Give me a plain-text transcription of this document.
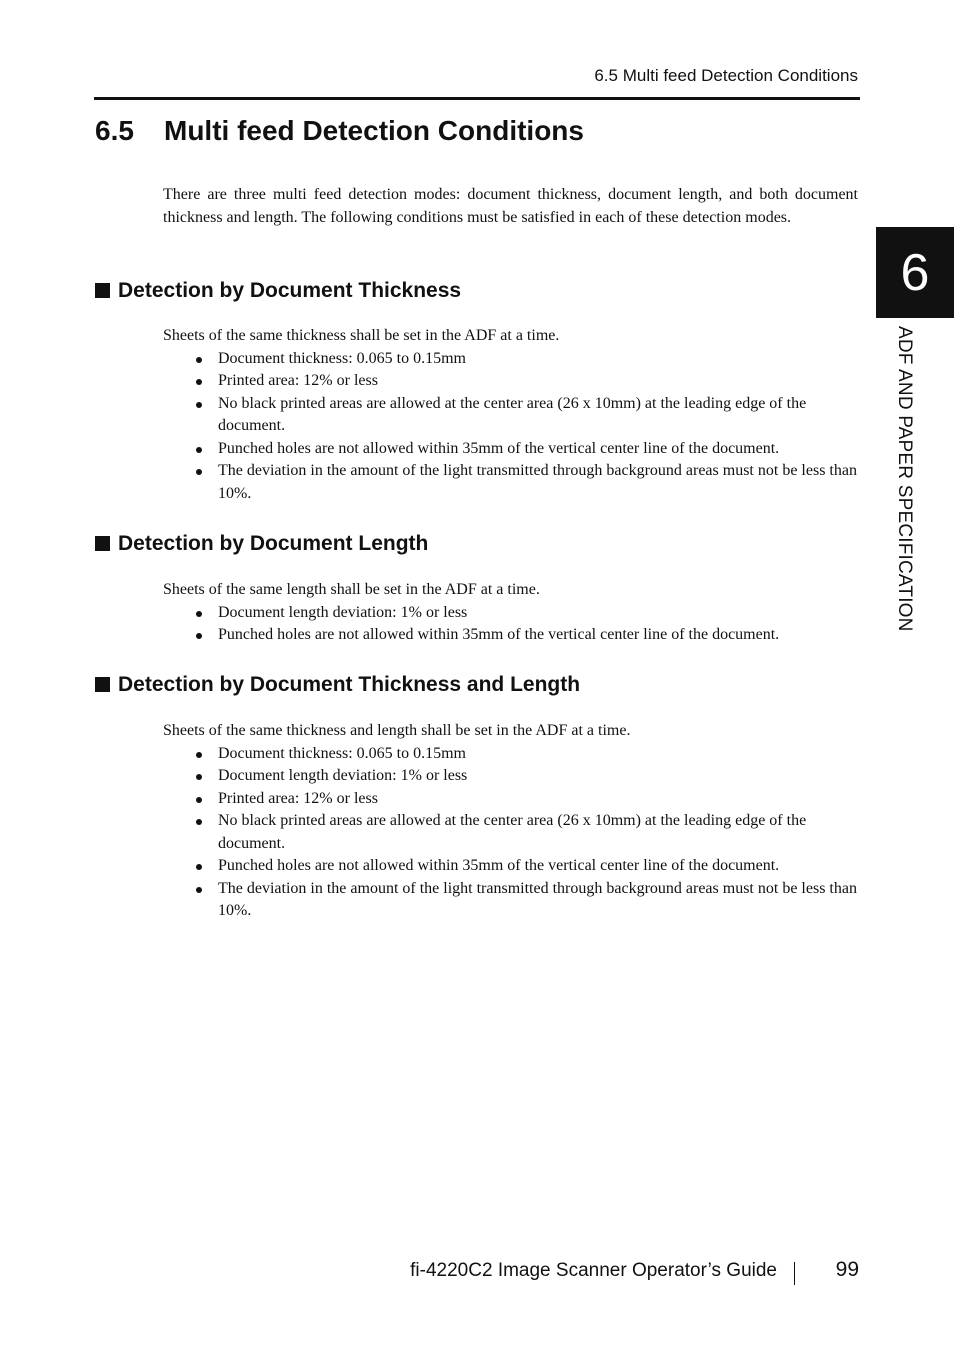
6.5 Multi feed Detection Conditions
6.5 Multi feed Detection Conditions

There are three multi feed detection modes: document thickness, document length, and both document thickness and length. The following conditions must be satisfied in each of these detection modes.

Detection by Document Thickness

Sheets of the same thickness shall be set in the ADF at a time.

Document thickness: 0.065 to 0.15mm
Printed area: 12% or less
No black printed areas are allowed at the center area (26 x 10mm) at the leading edge of the document.
Punched holes are not allowed within 35mm of the vertical center line of the document.
The deviation in the amount of the light transmitted through background areas must not be less than 10%.
Detection by Document Length

Sheets of the same length shall be set in the ADF at a time.

Document length deviation: 1% or less
Punched holes are not allowed within 35mm of the vertical center line of the document.
Detection by Document Thickness and Length

Sheets of the same thickness and length shall be set in the ADF at a time.

Document thickness: 0.065 to 0.15mm
Document length deviation: 1% or less
Printed area: 12% or less
No black printed areas are allowed at the center area (26 x 10mm) at the leading edge of the document.
Punched holes are not allowed within 35mm of the vertical center line of the document.
The deviation in the amount of the light transmitted through background areas must not be less than 10%.
6
ADF AND PAPER SPECIFICATION
fi-4220C2 Image Scanner Operator’s Guide	99
